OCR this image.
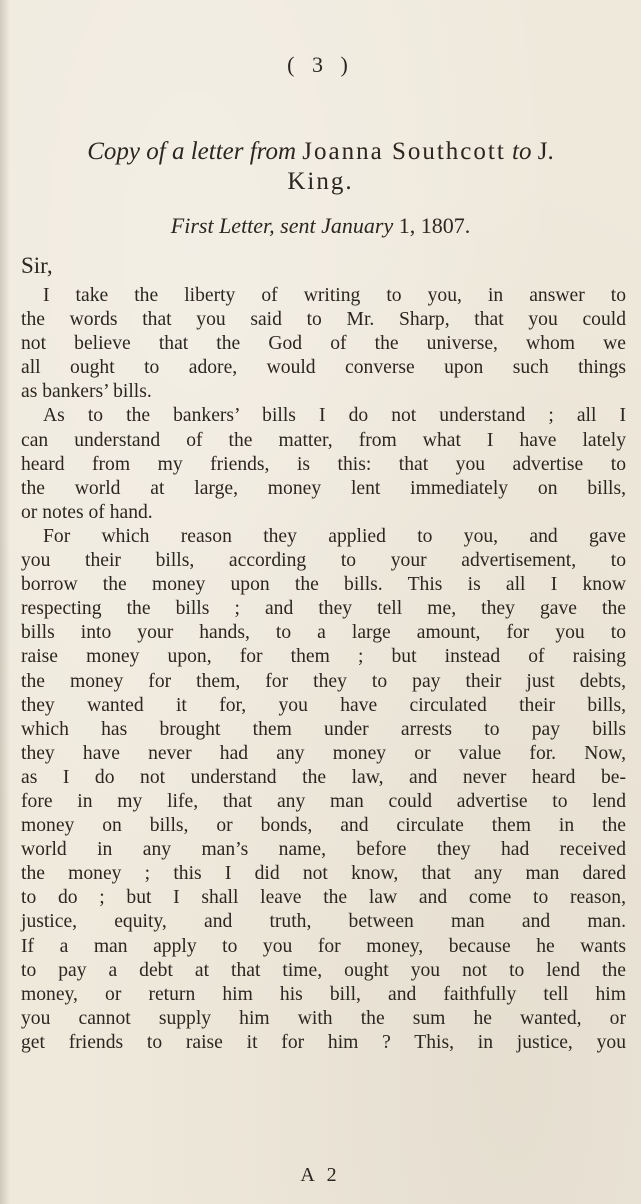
( 3 )
Copy of a letter from Joanna Southcott to J.
King.
First Letter, sent January 1, 1807.
Sir,
I take the liberty of writing to you, in answer to
the words that you said to Mr. Sharp, that you could
not believe that the God of the universe, whom we
all ought to adore, would converse upon such things
as bankers’ bills.
As to the bankers’ bills I do not understand ; all I
can understand of the matter, from what I have lately
heard from my friends, is this: that you advertise to
the world at large, money lent immediately on bills,
or notes of hand.
For which reason they applied to you, and gave
you their bills, according to your advertisement, to
borrow the money upon the bills. This is all I know
respecting the bills ; and they tell me, they gave the
bills into your hands, to a large amount, for you to
raise money upon, for them ; but instead of raising
the money for them, for they to pay their just debts,
they wanted it for, you have circulated their bills,
which has brought them under arrests to pay bills
they have never had any money or value for. Now,
as I do not understand the law, and never heard be-
fore in my life, that any man could advertise to lend
money on bills, or bonds, and circulate them in the
world in any man’s name, before they had received
the money ; this I did not know, that any man dared
to do ; but I shall leave the law and come to reason,
justice, equity, and truth, between man and man.
If a man apply to you for money, because he wants
to pay a debt at that time, ought you not to lend the
money, or return him his bill, and faithfully tell him
you cannot supply him with the sum he wanted, or
get friends to raise it for him ? This, in justice, you
A 2
